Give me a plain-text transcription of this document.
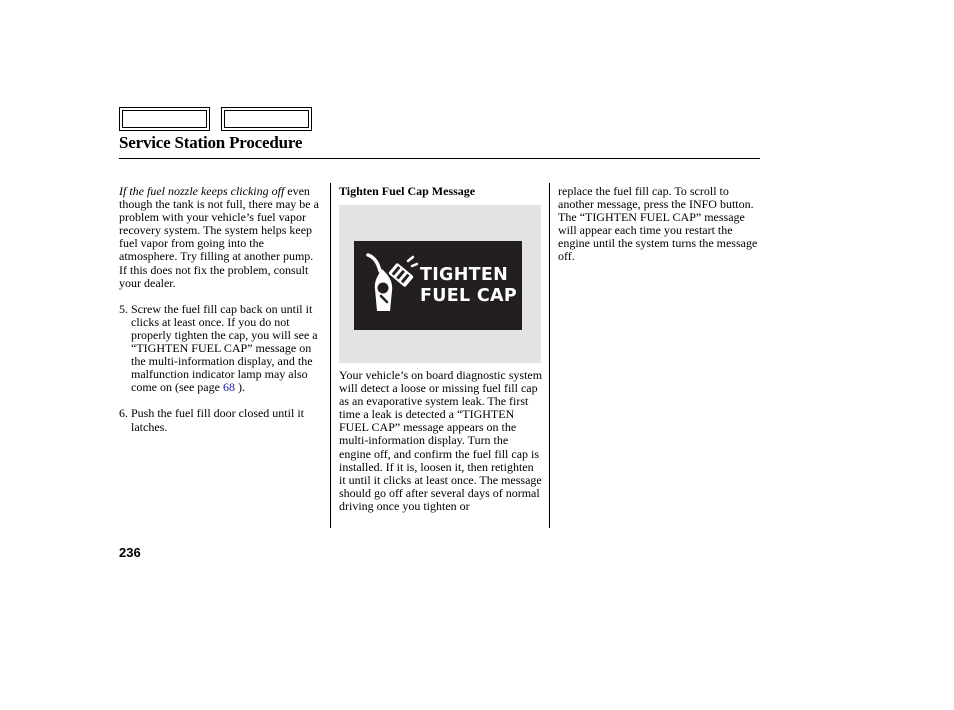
Service Station Procedure

If the fuel nozzle keeps clicking off even though the tank is not full, there may be a problem with your vehicle’s fuel vapor recovery system. The system helps keep fuel vapor from going into the atmosphere. Try filling at another pump. If this does not fix the problem, consult your dealer.

5. Screw the fuel fill cap back on until it clicks at least once. If you do not properly tighten the cap, you will see a “TIGHTEN FUEL CAP” message on the multi-information display, and the malfunction indicator lamp may also come on (see page 68 ).

6. Push the fuel fill door closed until it latches.

Tighten Fuel Cap Message

TIGHTEN
FUEL CAP

Your vehicle’s on board diagnostic system will detect a loose or missing fuel fill cap as an evaporative system leak. The first time a leak is detected a “TIGHTEN FUEL CAP” message appears on the multi-information display. Turn the engine off, and confirm the fuel fill cap is installed. If it is, loosen it, then retighten it until it clicks at least once. The message should go off after several days of normal driving once you tighten or

replace the fuel fill cap. To scroll to another message, press the INFO button. The “TIGHTEN FUEL CAP” message will appear each time you restart the engine until the system turns the message off.

236
